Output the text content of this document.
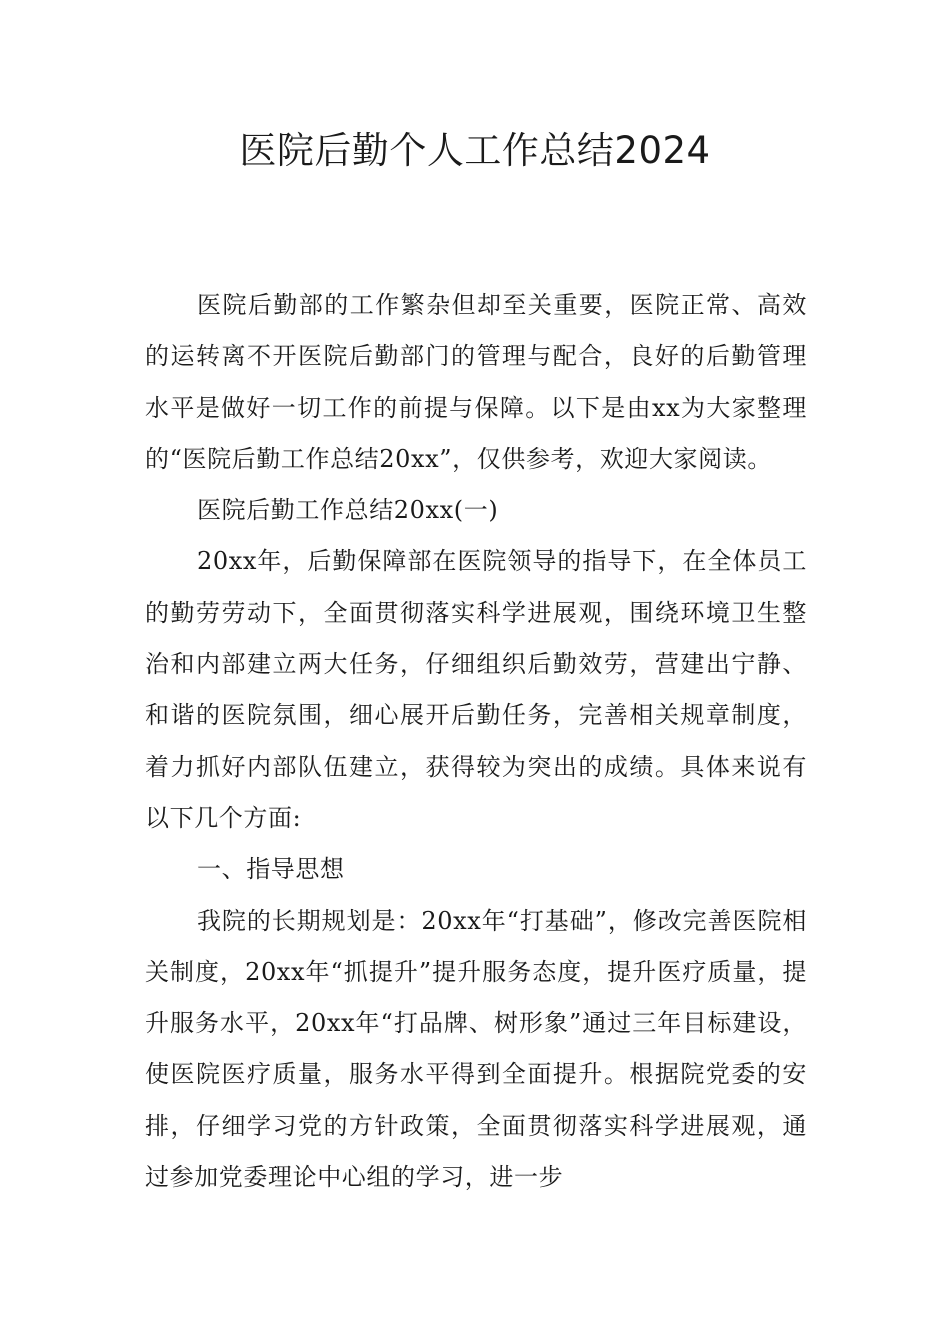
医院后勤个人工作总结2024

医院后勤部的工作繁杂但却至关重要，医院正常、高效的运转离不开医院后勤部门的管理与配合，良好的后勤管理水平是做好一切工作的前提与保障。以下是由xx为大家整理的“医院后勤工作总结20xx”，仅供参考，欢迎大家阅读。

医院后勤工作总结20xx(一)

20xx年，后勤保障部在医院领导的指导下，在全体员工的勤劳劳动下，全面贯彻落实科学进展观，围绕环境卫生整治和内部建立两大任务，仔细组织后勤效劳，营建出宁静、和谐的医院氛围，细心展开后勤任务，完善相关规章制度，着力抓好内部队伍建立，获得较为突出的成绩。具体来说有以下几个方面:

一、指导思想

我院的长期规划是：20xx年“打基础”，修改完善医院相关制度，20xx年“抓提升”提升服务态度，提升医疗质量，提升服务水平，20xx年“打品牌、树形象”通过三年目标建设，使医院医疗质量，服务水平得到全面提升。根据院党委的安排，仔细学习党的方针政策，全面贯彻落实科学进展观，通过参加党委理论中心组的学习，进一步
